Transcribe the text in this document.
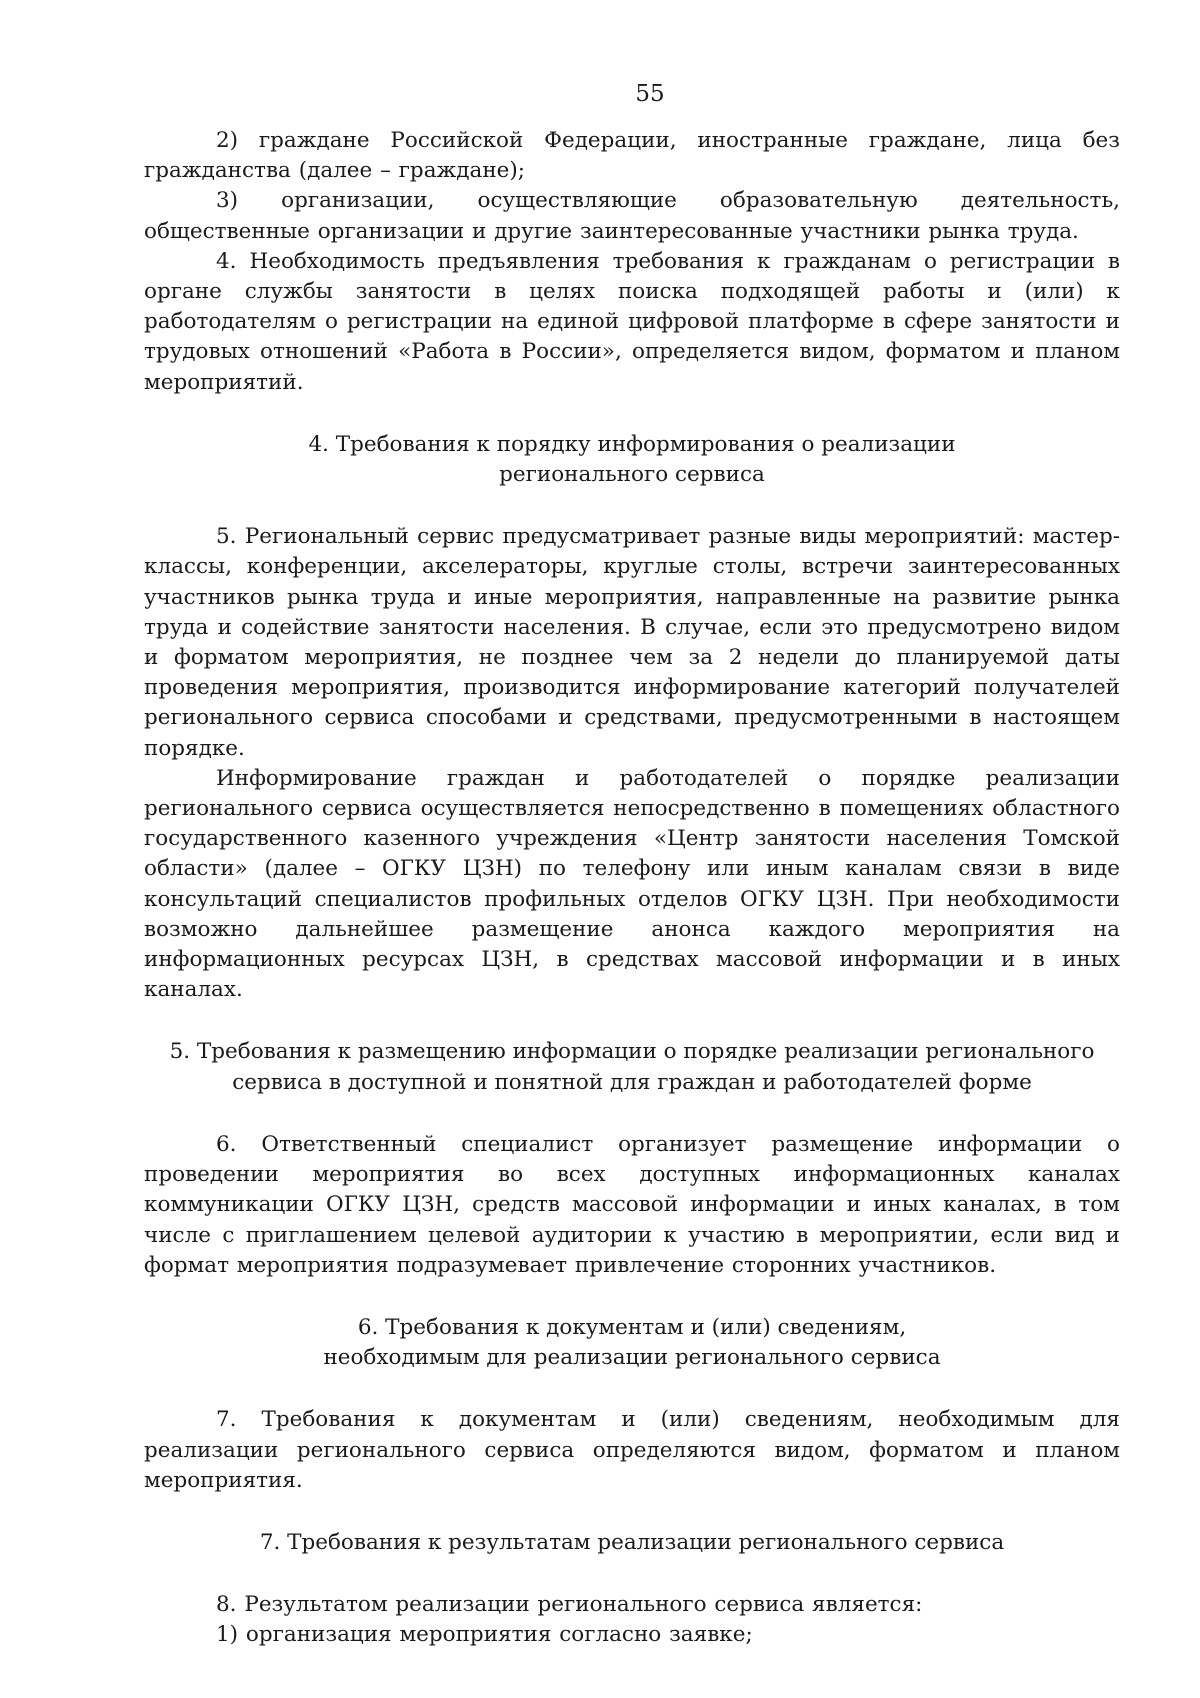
55

2) граждане Российской Федерации, иностранные граждане, лица без гражданства (далее – граждане);

3) организации, осуществляющие образовательную деятельность, общественные организации и другие заинтересованные участники рынка труда.

4. Необходимость предъявления требования к гражданам о регистрации в органе службы занятости в целях поиска подходящей работы и (или) к работодателям о регистрации на единой цифровой платформе в сфере занятости и трудовых отношений «Работа в России», определяется видом, форматом и планом мероприятий.

4. Требования к порядку информирования о реализации
регионального сервиса

5. Региональный сервис предусматривает разные виды мероприятий: мастер-классы, конференции, акселераторы, круглые столы, встречи заинтересованных участников рынка труда и иные мероприятия, направленные на развитие рынка труда и содействие занятости населения. В случае, если это предусмотрено видом и форматом мероприятия, не позднее чем за 2 недели до планируемой даты проведения мероприятия, производится информирование категорий получателей регионального сервиса способами и средствами, предусмотренными в настоящем порядке.

Информирование граждан и работодателей о порядке реализации регионального сервиса осуществляется непосредственно в помещениях областного государственного казенного учреждения «Центр занятости населения Томской области» (далее – ОГКУ ЦЗН) по телефону или иным каналам связи в виде консультаций специалистов профильных отделов ОГКУ ЦЗН. При необходимости возможно дальнейшее размещение анонса каждого мероприятия на информационных ресурсах ЦЗН, в средствах массовой информации и в иных каналах.

5. Требования к размещению информации о порядке реализации регионального
сервиса в доступной и понятной для граждан и работодателей форме

6. Ответственный специалист организует размещение информации о проведении мероприятия во всех доступных информационных каналах коммуникации ОГКУ ЦЗН, средств массовой информации и иных каналах, в том числе с приглашением целевой аудитории к участию в мероприятии, если вид и формат мероприятия подразумевает привлечение сторонних участников.

6. Требования к документам и (или) сведениям,
необходимым для реализации регионального сервиса

7. Требования к документам и (или) сведениям, необходимым для реализации регионального сервиса определяются видом, форматом и планом мероприятия.

7. Требования к результатам реализации регионального сервиса

8. Результатом реализации регионального сервиса является:

1) организация мероприятия согласно заявке;
